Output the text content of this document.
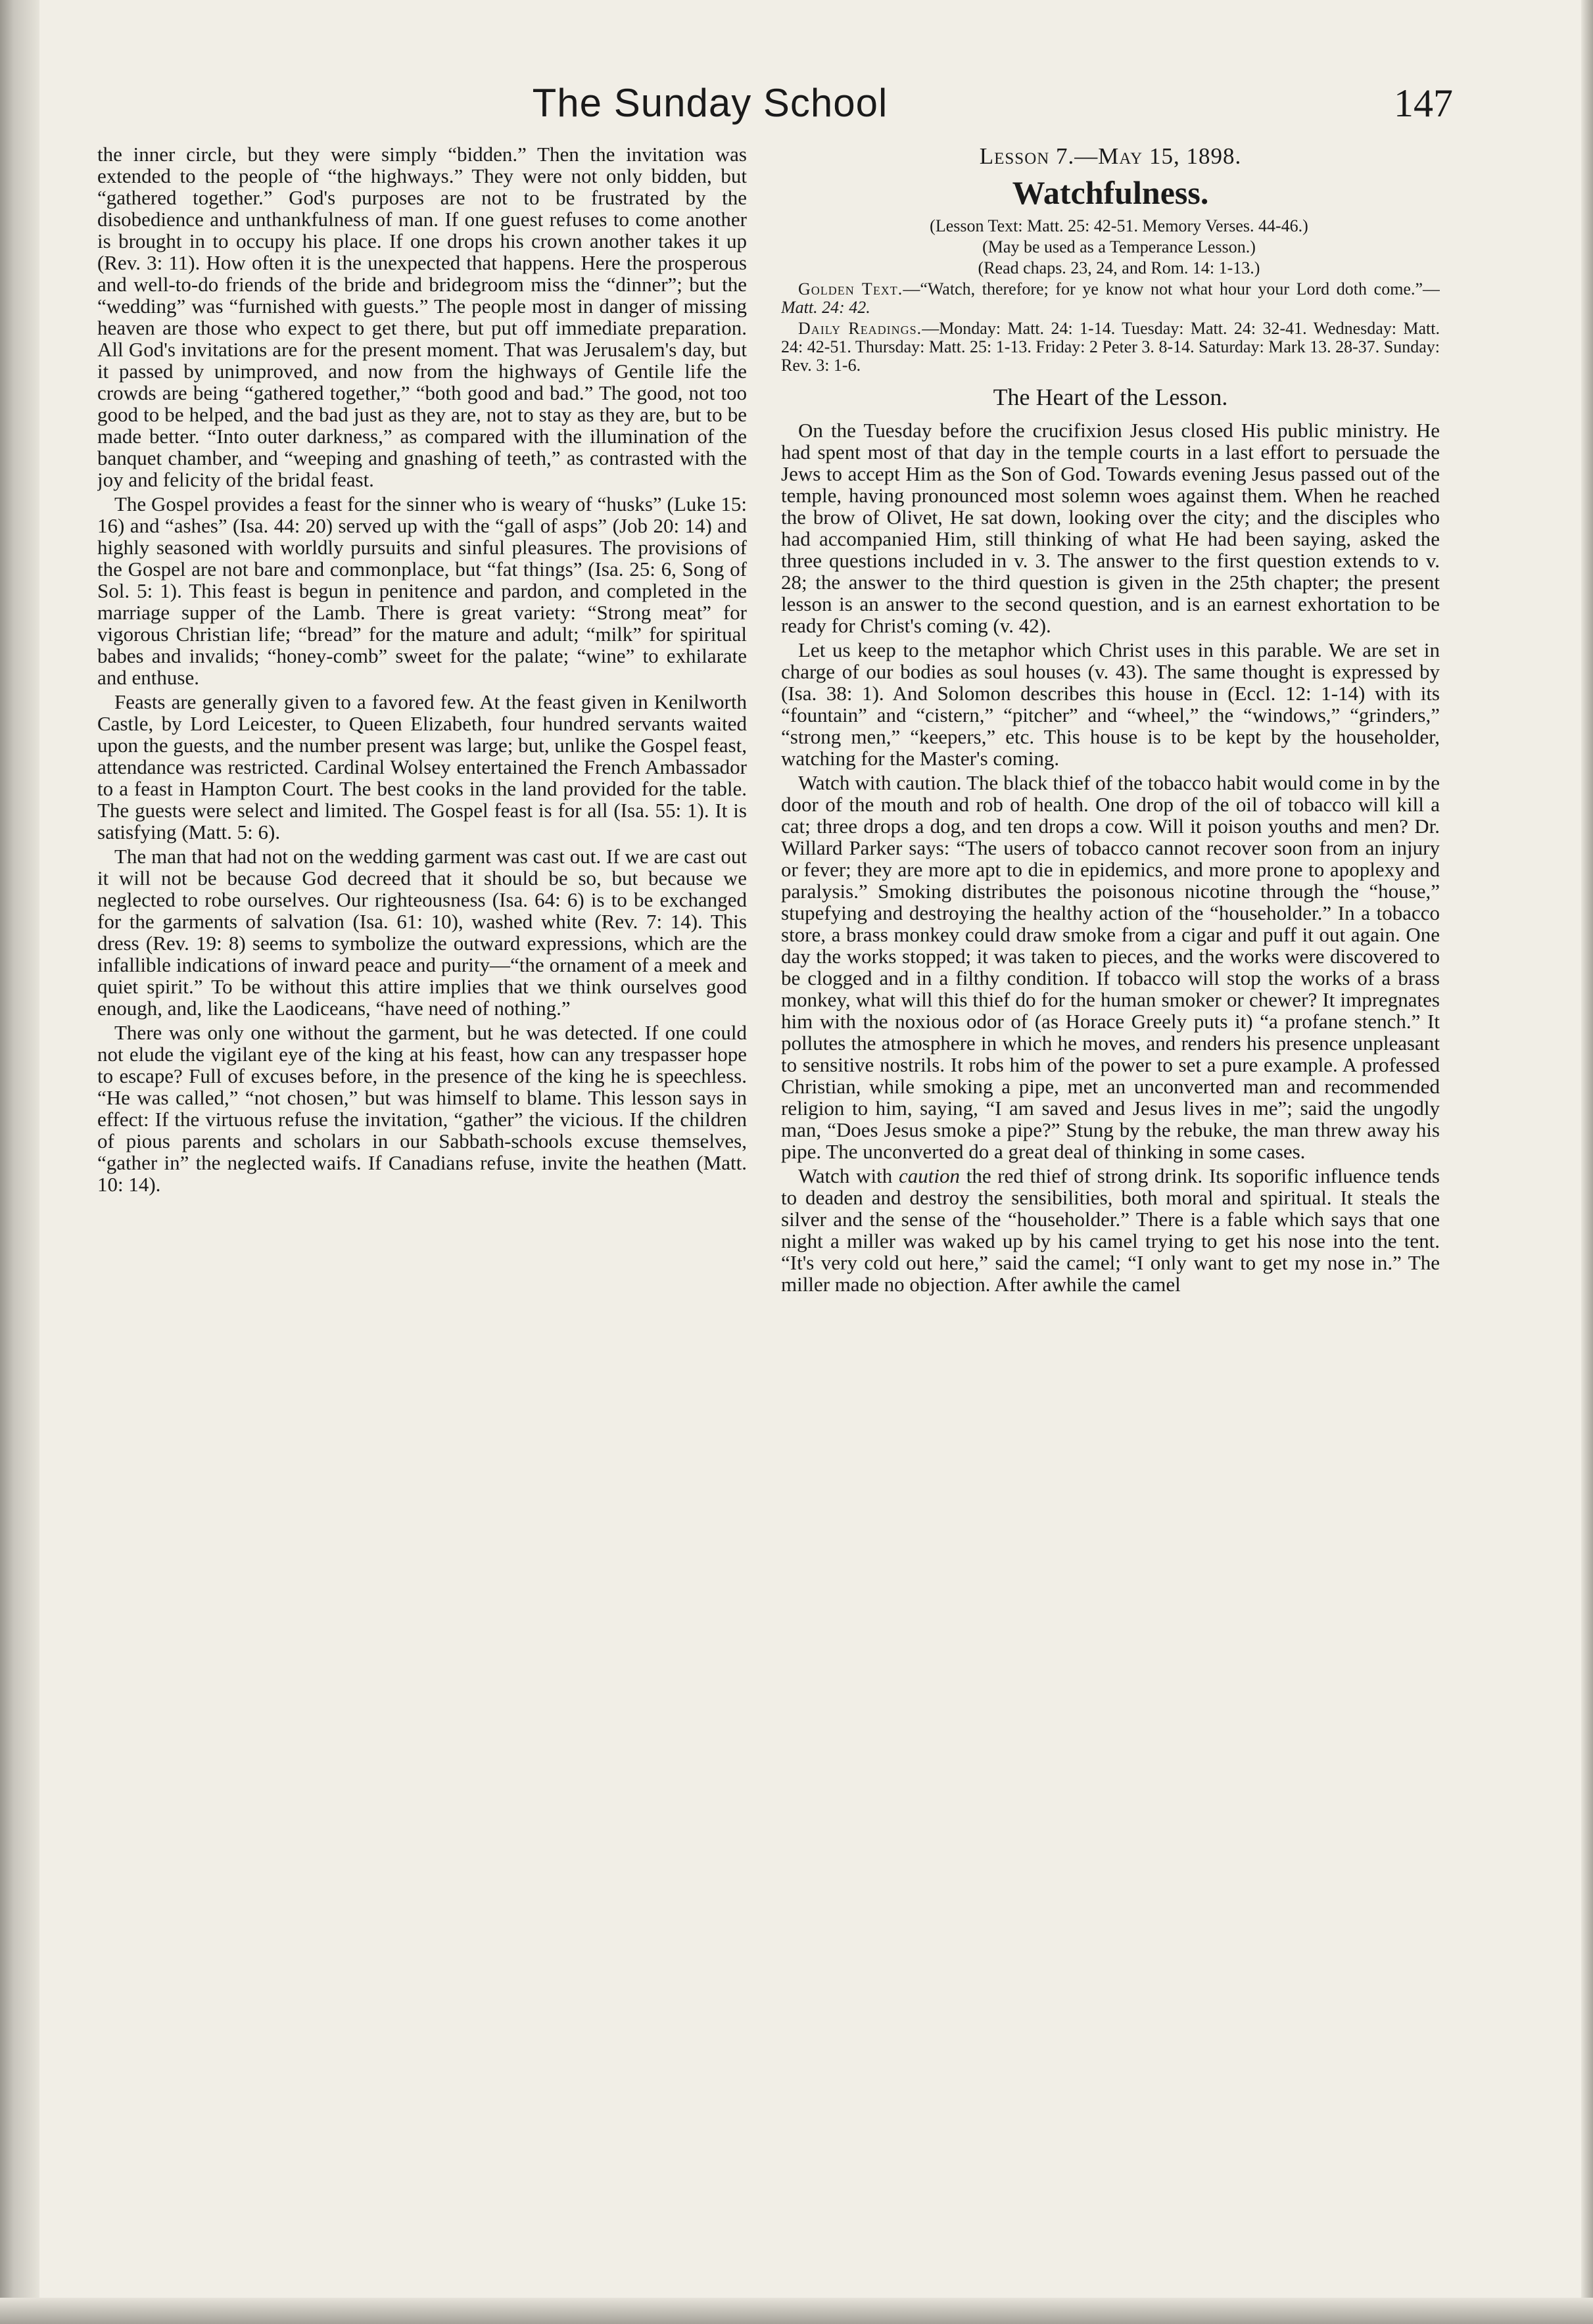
The Sunday School	147

the inner circle, but they were simply “bidden.” Then the invitation was extended to the people of “the highways.” They were not only bidden, but “gathered together.” God's purposes are not to be frustrated by the disobedience and unthankfulness of man. If one guest refuses to come another is brought in to occupy his place. If one drops his crown another takes it up (Rev. 3: 11). How often it is the unexpected that happens. Here the prosperous and well-to-do friends of the bride and bridegroom miss the “dinner”; but the “wedding” was “furnished with guests.” The people most in danger of missing heaven are those who expect to get there, but put off immediate preparation. All God's invitations are for the present moment. That was Jerusalem's day, but it passed by unimproved, and now from the highways of Gentile life the crowds are being “gathered together,” “both good and bad.” The good, not too good to be helped, and the bad just as they are, not to stay as they are, but to be made better. “Into outer darkness,” as compared with the illumination of the banquet chamber, and “weeping and gnashing of teeth,” as contrasted with the joy and felicity of the bridal feast.

The Gospel provides a feast for the sinner who is weary of “husks” (Luke 15: 16) and “ashes” (Isa. 44: 20) served up with the “gall of asps” (Job 20: 14) and highly seasoned with worldly pursuits and sinful pleasures. The provisions of the Gospel are not bare and commonplace, but “fat things” (Isa. 25: 6, Song of Sol. 5: 1). This feast is begun in penitence and pardon, and completed in the marriage supper of the Lamb. There is great variety: “Strong meat” for vigorous Christian life; “bread” for the mature and adult; “milk” for spiritual babes and invalids; “honey-comb” sweet for the palate; “wine” to exhilarate and enthuse.

Feasts are generally given to a favored few. At the feast given in Kenilworth Castle, by Lord Leicester, to Queen Elizabeth, four hundred servants waited upon the guests, and the number present was large; but, unlike the Gospel feast, attendance was restricted. Cardinal Wolsey entertained the French Ambassador to a feast in Hampton Court. The best cooks in the land provided for the table. The guests were select and limited. The Gospel feast is for all (Isa. 55: 1). It is satisfying (Matt. 5: 6).

The man that had not on the wedding garment was cast out. If we are cast out it will not be because God decreed that it should be so, but because we neglected to robe ourselves. Our righteousness (Isa. 64: 6) is to be exchanged for the garments of salvation (Isa. 61: 10), washed white (Rev. 7: 14). This dress (Rev. 19: 8) seems to symbolize the outward expressions, which are the infallible indications of inward peace and purity—“the ornament of a meek and quiet spirit.” To be without this attire implies that we think ourselves good enough, and, like the Laodiceans, “have need of nothing.”

There was only one without the garment, but he was detected. If one could not elude the vigilant eye of the king at his feast, how can any trespasser hope to escape? Full of excuses before, in the presence of the king he is speechless. “He was called,” “not chosen,” but was himself to blame. This lesson says in effect: If the virtuous refuse the invitation, “gather” the vicious. If the children of pious parents and scholars in our Sabbath-schools excuse themselves, “gather in” the neglected waifs. If Canadians refuse, invite the heathen (Matt. 10: 14).

Lesson 7.—May 15, 1898.
Watchfulness.

(Lesson Text: Matt. 25: 42-51. Memory Verses. 44-46.)

(May be used as a Temperance Lesson.)

(Read chaps. 23, 24, and Rom. 14: 1-13.)

Golden Text.—“Watch, therefore; for ye know not what hour your Lord doth come.”—Matt. 24: 42.

Daily Readings.—Monday: Matt. 24: 1-14. Tuesday: Matt. 24: 32-41. Wednesday: Matt. 24: 42-51. Thursday: Matt. 25: 1-13. Friday: 2 Peter 3. 8-14. Saturday: Mark 13. 28-37. Sunday: Rev. 3: 1-6.

The Heart of the Lesson.

On the Tuesday before the crucifixion Jesus closed His public ministry. He had spent most of that day in the temple courts in a last effort to persuade the Jews to accept Him as the Son of God. Towards evening Jesus passed out of the temple, having pronounced most solemn woes against them. When he reached the brow of Olivet, He sat down, looking over the city; and the disciples who had accompanied Him, still thinking of what He had been saying, asked the three questions included in v. 3. The answer to the first question extends to v. 28; the answer to the third question is given in the 25th chapter; the present lesson is an answer to the second question, and is an earnest exhortation to be ready for Christ's coming (v. 42).

Let us keep to the metaphor which Christ uses in this parable. We are set in charge of our bodies as soul houses (v. 43). The same thought is expressed by (Isa. 38: 1). And Solomon describes this house in (Eccl. 12: 1-14) with its “fountain” and “cistern,” “pitcher” and “wheel,” the “windows,” “grinders,” “strong men,” “keepers,” etc. This house is to be kept by the householder, watching for the Master's coming.

Watch with caution. The black thief of the tobacco habit would come in by the door of the mouth and rob of health. One drop of the oil of tobacco will kill a cat; three drops a dog, and ten drops a cow. Will it poison youths and men? Dr. Willard Parker says: “The users of tobacco cannot recover soon from an injury or fever; they are more apt to die in epidemics, and more prone to apoplexy and paralysis.” Smoking distributes the poisonous nicotine through the “house,” stupefying and destroying the healthy action of the “householder.” In a tobacco store, a brass monkey could draw smoke from a cigar and puff it out again. One day the works stopped; it was taken to pieces, and the works were discovered to be clogged and in a filthy condition. If tobacco will stop the works of a brass monkey, what will this thief do for the human smoker or chewer? It impregnates him with the noxious odor of (as Horace Greely puts it) “a profane stench.” It pollutes the atmosphere in which he moves, and renders his presence unpleasant to sensitive nostrils. It robs him of the power to set a pure example. A professed Christian, while smoking a pipe, met an unconverted man and recommended religion to him, saying, “I am saved and Jesus lives in me”; said the ungodly man, “Does Jesus smoke a pipe?” Stung by the rebuke, the man threw away his pipe. The unconverted do a great deal of thinking in some cases.

Watch with caution the red thief of strong drink. Its soporific influence tends to deaden and destroy the sensibilities, both moral and spiritual. It steals the silver and the sense of the “householder.” There is a fable which says that one night a miller was waked up by his camel trying to get his nose into the tent. “It's very cold out here,” said the camel; “I only want to get my nose in.” The miller made no objection. After awhile the camel
